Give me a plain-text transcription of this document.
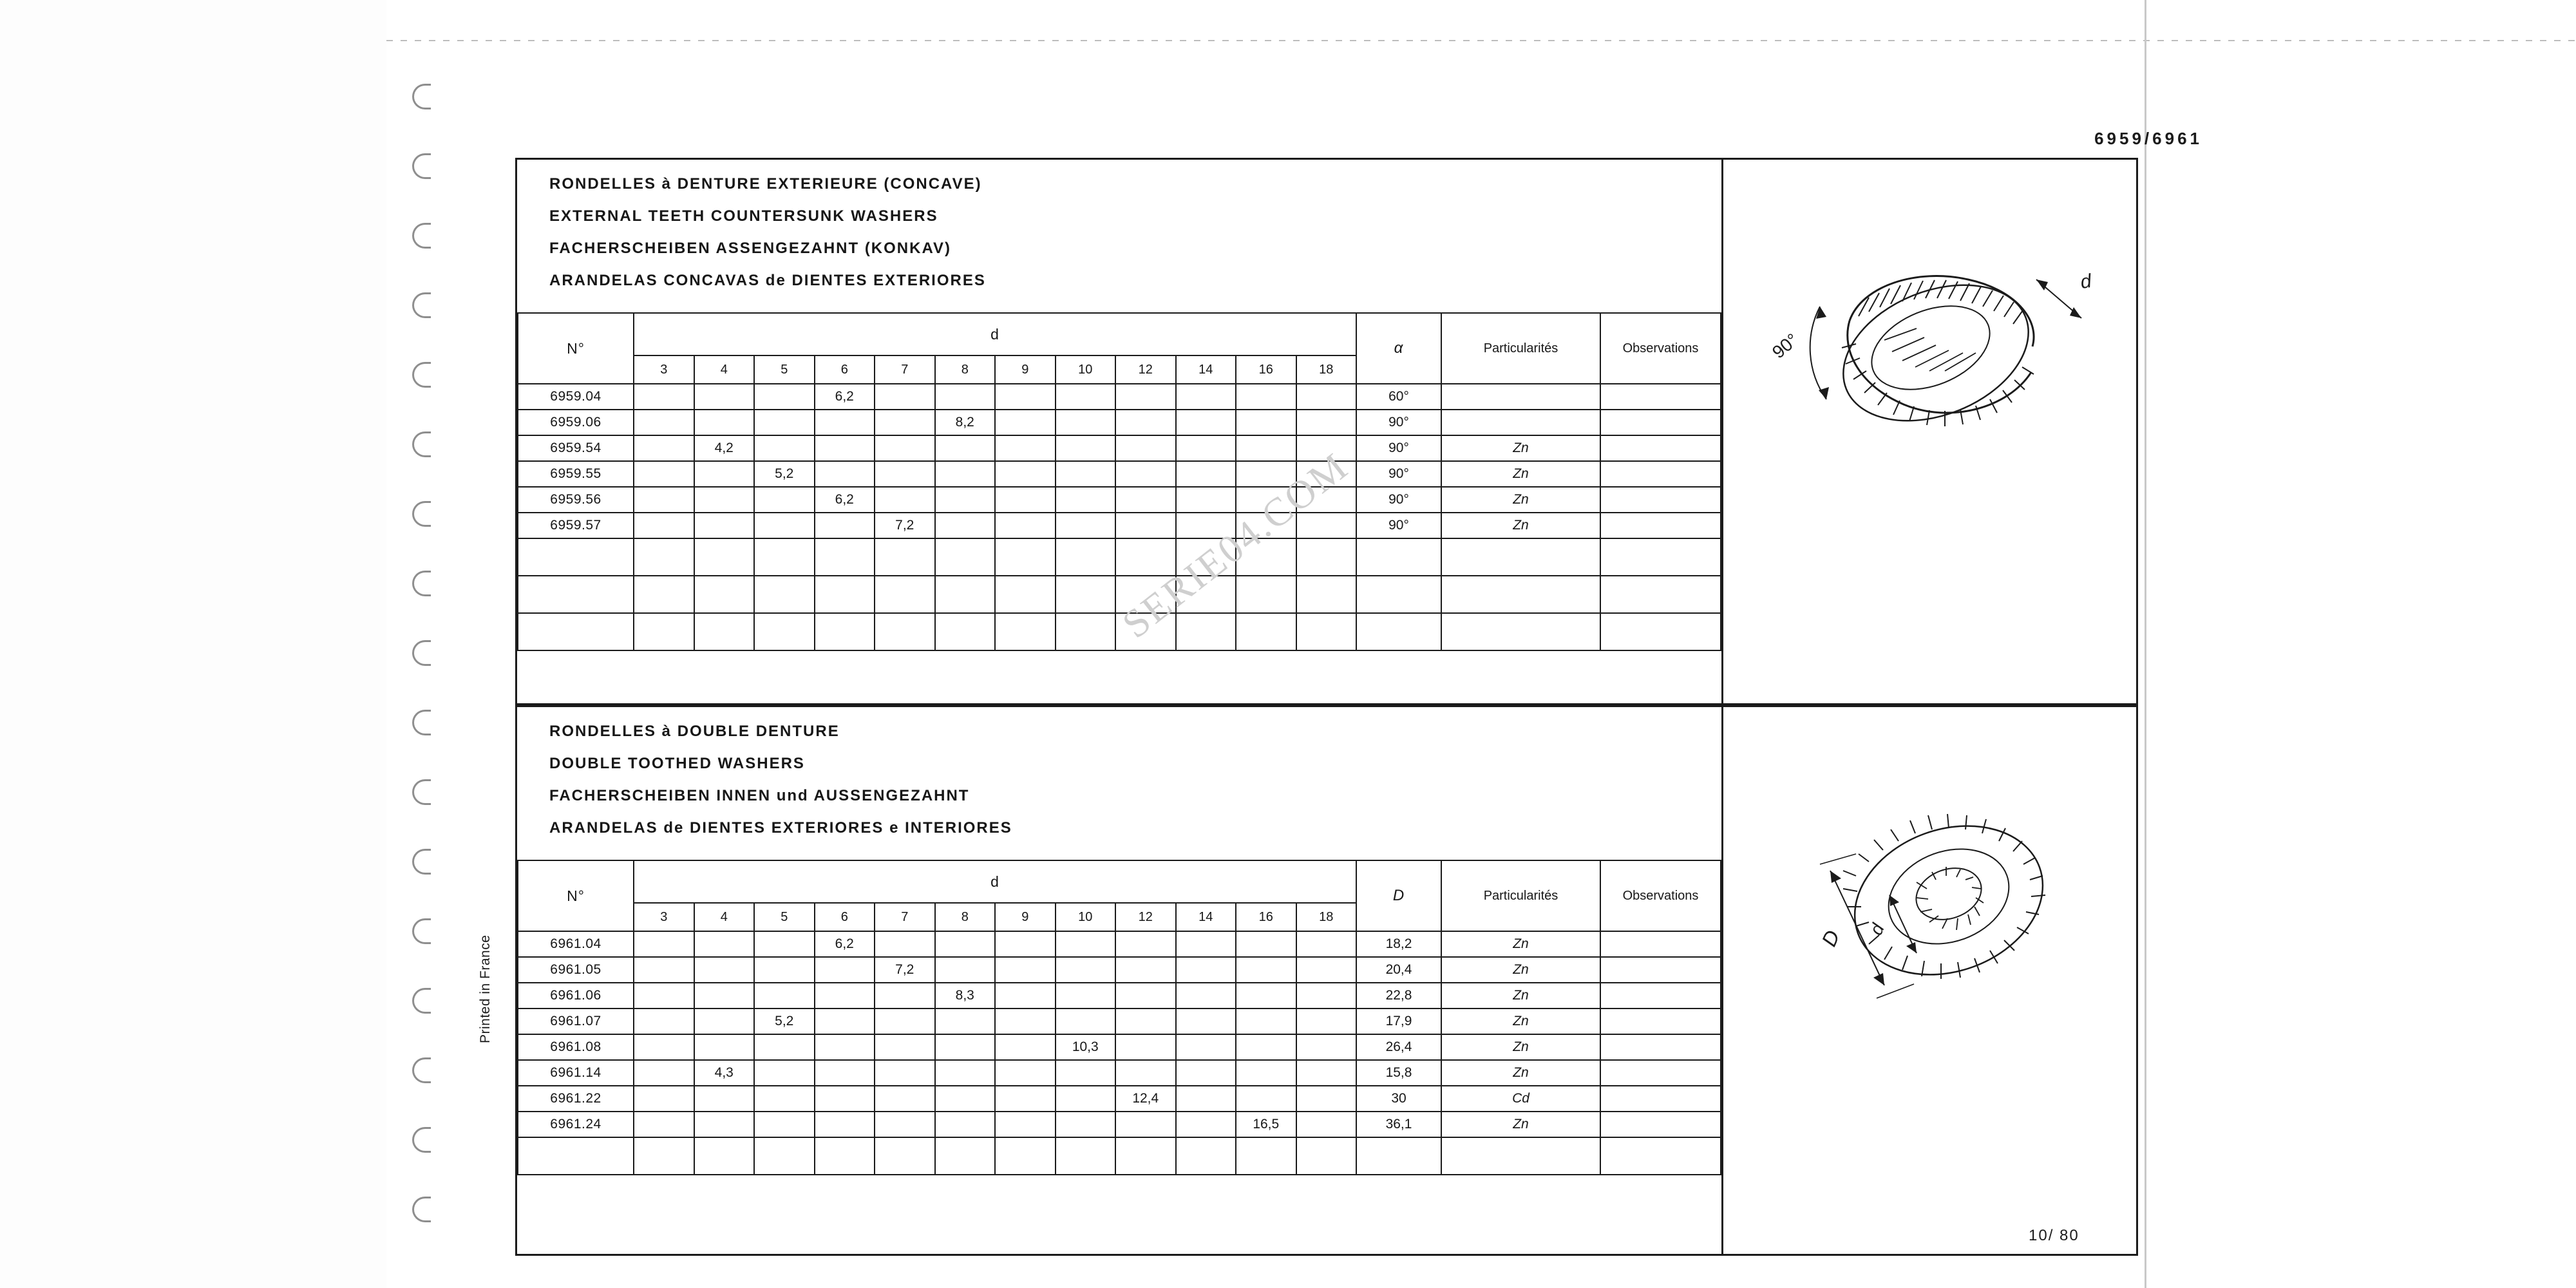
6959/6961
RONDELLES à DENTURE EXTERIEURE (CONCAVE)
EXTERNAL TEETH COUNTERSUNK WASHERS
FACHERSCHEIBEN ASSENGEZAHNT (KONKAV)
ARANDELAS CONCAVAS de DIENTES EXTERIORES
N°	d												α	Particularités	Observations
	3	4	5	6	7	8	9	10	12	14	16	18			
6959.04				6,2									60°		
6959.06						8,2							90°		
6959.54		4,2											90°	Zn	
6959.55			5,2										90°	Zn	
6959.56				6,2									90°	Zn	
6959.57					7,2								90°	Zn	

d
90°
RONDELLES à DOUBLE DENTURE
DOUBLE TOOTHED WASHERS
FACHERSCHEIBEN INNEN und AUSSENGEZAHNT
ARANDELAS de DIENTES EXTERIORES e INTERIORES
N°	d												D	Particularités	Observations
	3	4	5	6	7	8	9	10	12	14	16	18			
6961.04				6,2									18,2	Zn	
6961.05					7,2								20,4	Zn	
6961.06						8,3							22,8	Zn	
6961.07			5,2										17,9	Zn	
6961.08								10,3					26,4	Zn	
6961.14		4,3											15,8	Zn	
6961.22									12,4				30	Cd	
6961.24											16,5		36,1	Zn	

D d
SERIE04.COM
Printed in France
10/ 80
